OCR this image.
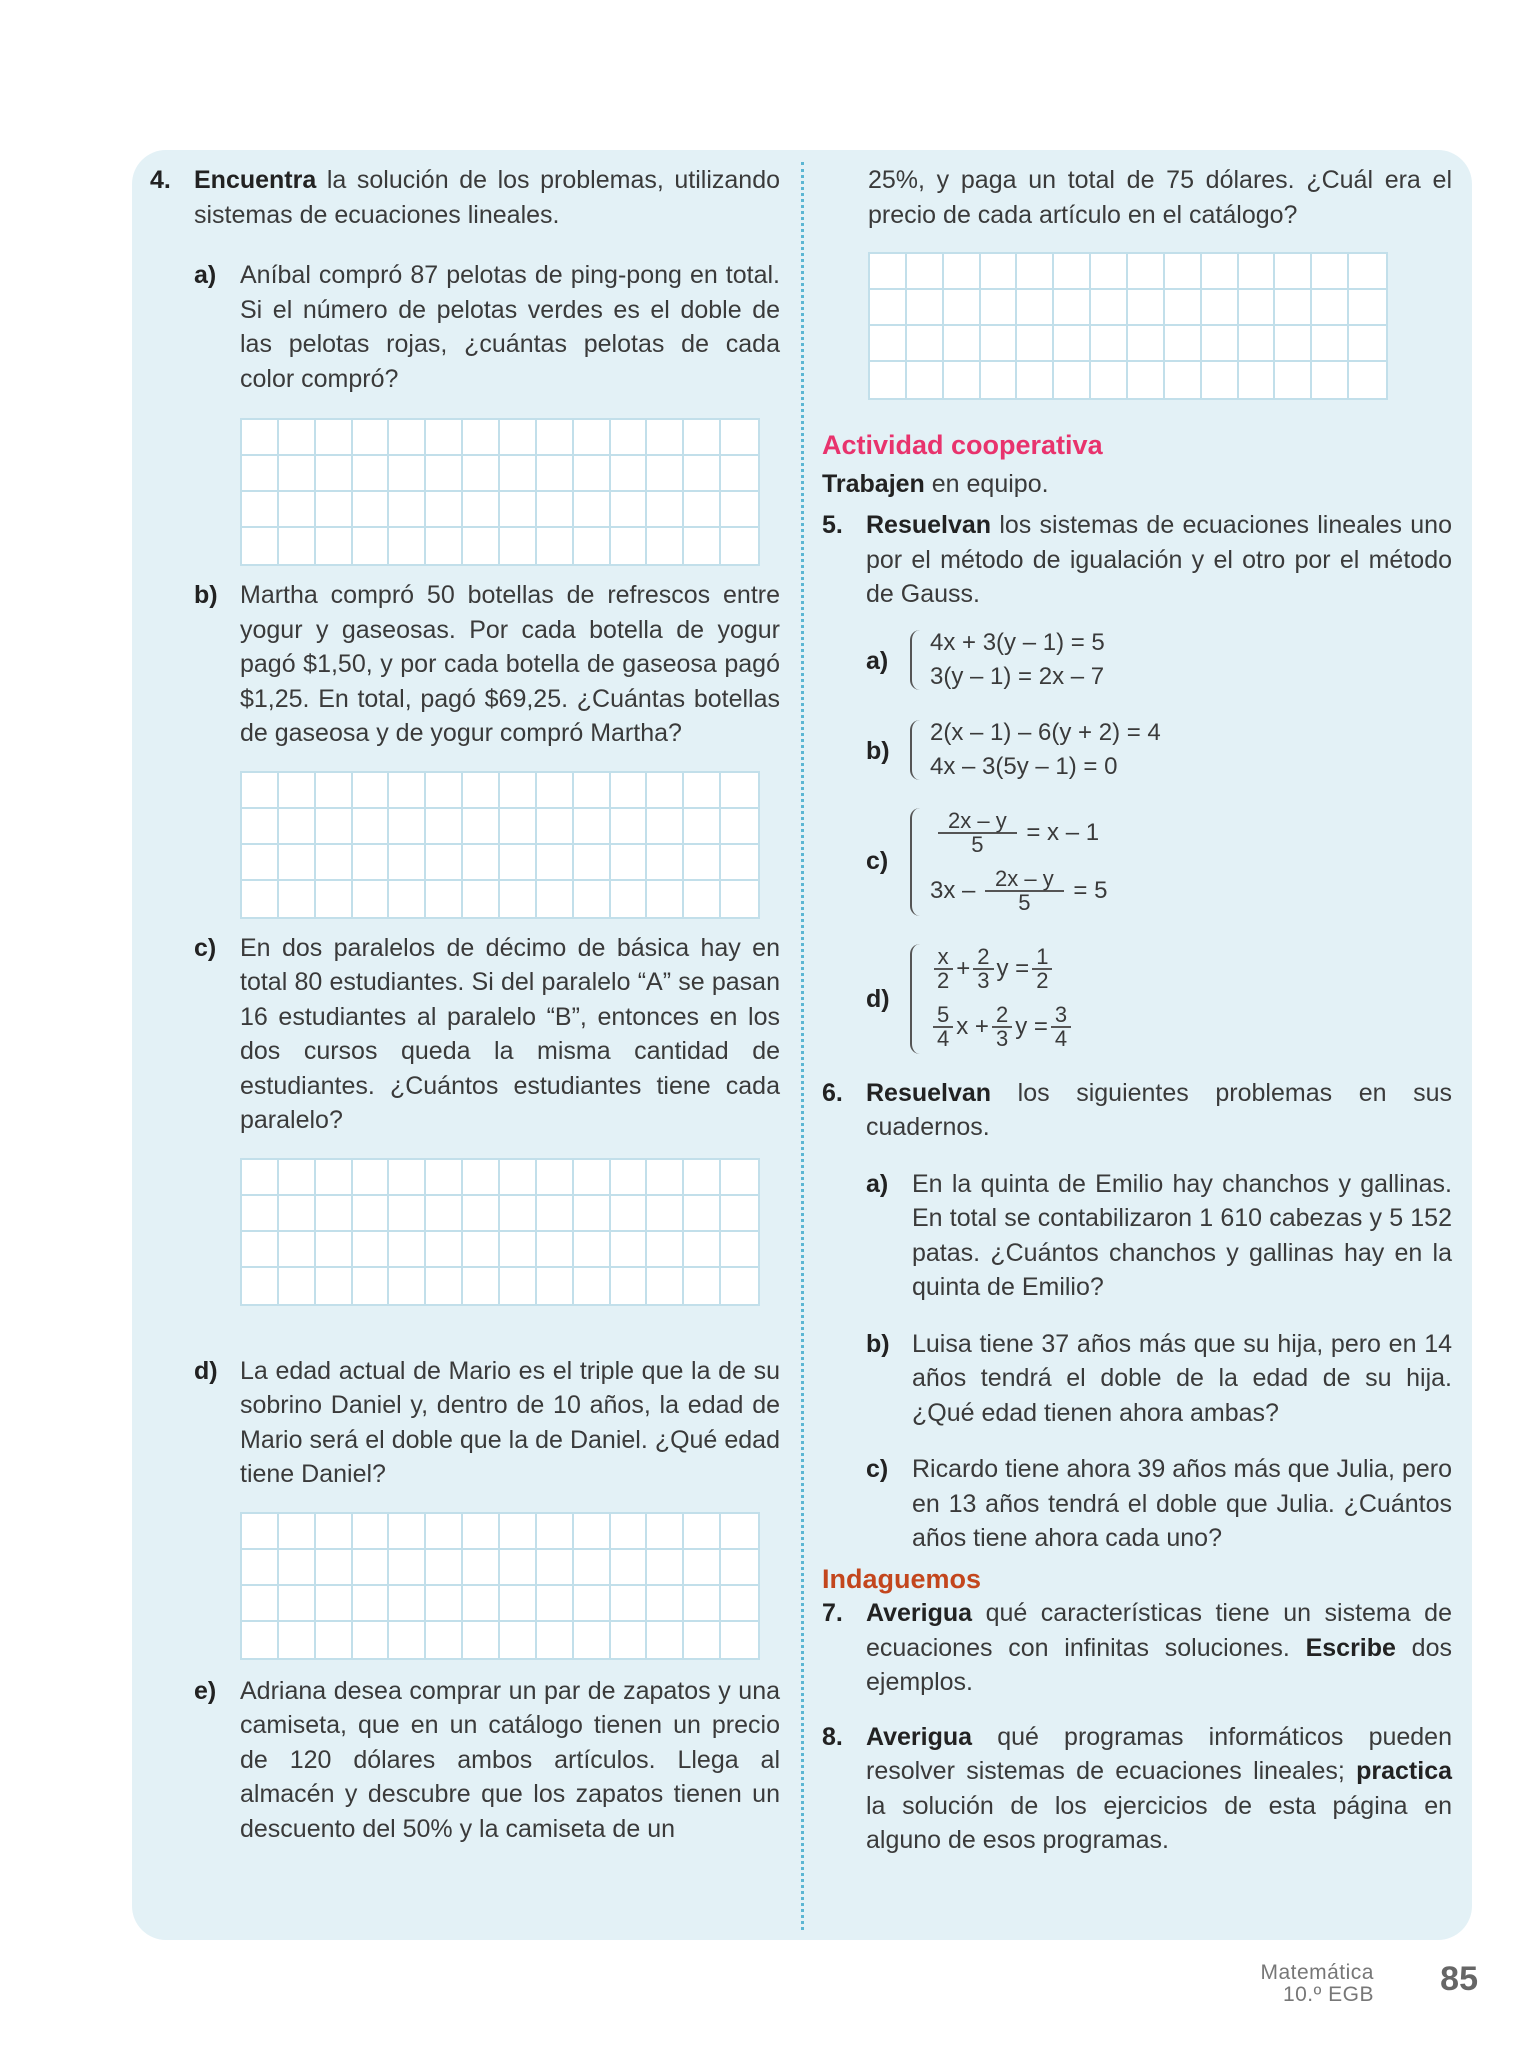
4. Encuentra la solución de los problemas, utilizando sistemas de ecuaciones lineales.
a) Aníbal compró 87 pelotas de ping-pong en total. Si el número de pelotas verdes es el doble de las pelotas rojas, ¿cuántas pelotas de cada color compró?
b) Martha compró 50 botellas de refrescos entre yogur y gaseosas. Por cada botella de yogur pagó $1,50, y por cada botella de gaseosa pagó $1,25. En total, pagó $69,25. ¿Cuántas botellas de gaseosa y de yogur compró Martha?
c) En dos paralelos de décimo de básica hay en total 80 estudiantes. Si del paralelo “A” se pasan 16 estudiantes al paralelo “B”, entonces en los dos cursos queda la misma cantidad de estudiantes. ¿Cuántos estudiantes tiene cada paralelo?
d) La edad actual de Mario es el triple que la de su sobrino Daniel y, dentro de 10 años, la edad de Mario será el doble que la de Daniel. ¿Qué edad tiene Daniel?
e) Adriana desea comprar un par de zapatos y una camiseta, que en un catálogo tienen un precio de 120 dólares ambos artículos. Llega al almacén y descubre que los zapatos tienen un descuento del 50% y la camiseta de un
25%, y paga un total de 75 dólares. ¿Cuál era el precio de cada artículo en el catálogo?

Actividad cooperativa

Trabajen en equipo.
5. Resuelvan los sistemas de ecuaciones lineales uno por el método de igualación y el otro por el método de Gauss.
a)
4x + 3(y – 1) = 5
3(y – 1) = 2x – 7
b)
2(x – 1) – 6(y + 2) = 4
4x – 3(5y – 1) = 0
c)
$\frac{2x - y}{5} = x - 1$
$3x - \frac{2x - y}{5} = 5$
d)
$\frac{x}{2} + \frac{2}{3}$ $y = \frac{1}{2}$
$\frac{5}{4}$ $x + \frac{2}{3}$ $y = \frac{3}{4}$
6. Resuelvan los siguientes problemas en sus cuadernos.
a) En la quinta de Emilio hay chanchos y gallinas. En total se contabilizaron 1 610 cabezas y 5 152 patas. ¿Cuántos chanchos y gallinas hay en la quinta de Emilio?
b) Luisa tiene 37 años más que su hija, pero en 14 años tendrá el doble de la edad de su hija. ¿Qué edad tienen ahora ambas?
c) Ricardo tiene ahora 39 años más que Julia, pero en 13 años tendrá el doble que Julia. ¿Cuántos años tiene ahora cada uno?

Indaguemos

7. Averigua qué características tiene un sistema de ecuaciones con infinitas soluciones. Escribe dos ejemplos.
8. Averigua qué programas informáticos pueden resolver sistemas de ecuaciones lineales; practica la solución de los ejercicios de esta página en alguno de esos programas.
Matemática
10.º EGB 85
